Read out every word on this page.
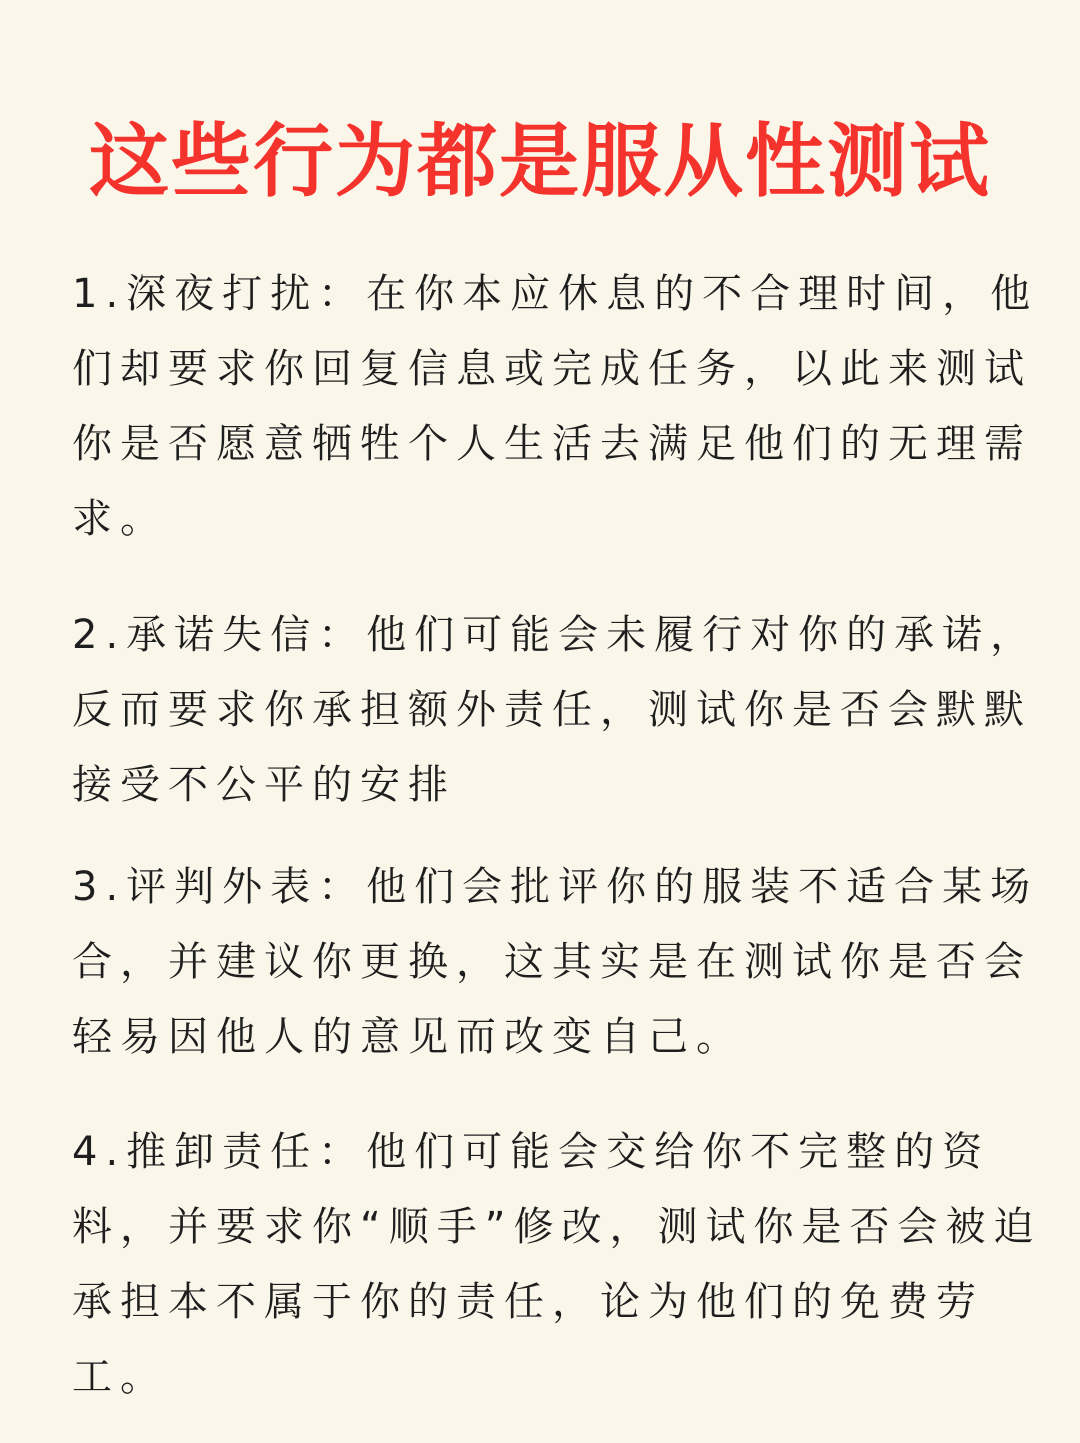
这些行为都是服从性测试

1.深夜打扰：在你本应休息的不合理时间，他们却要求你回复信息或完成任务，以此来测试你是否愿意牺牲个人生活去满足他们的无理需求。

2.承诺失信：他们可能会未履行对你的承诺，反而要求你承担额外责任，测试你是否会默默接受不公平的安排

3.评判外表：他们会批评你的服装不适合某场合，并建议你更换，这其实是在测试你是否会轻易因他人的意见而改变自己。

4.推卸责任：他们可能会交给你不完整的资料，并要求你“顺手”修改，测试你是否会被迫承担本不属于你的责任，论为他们的免费劳工。
